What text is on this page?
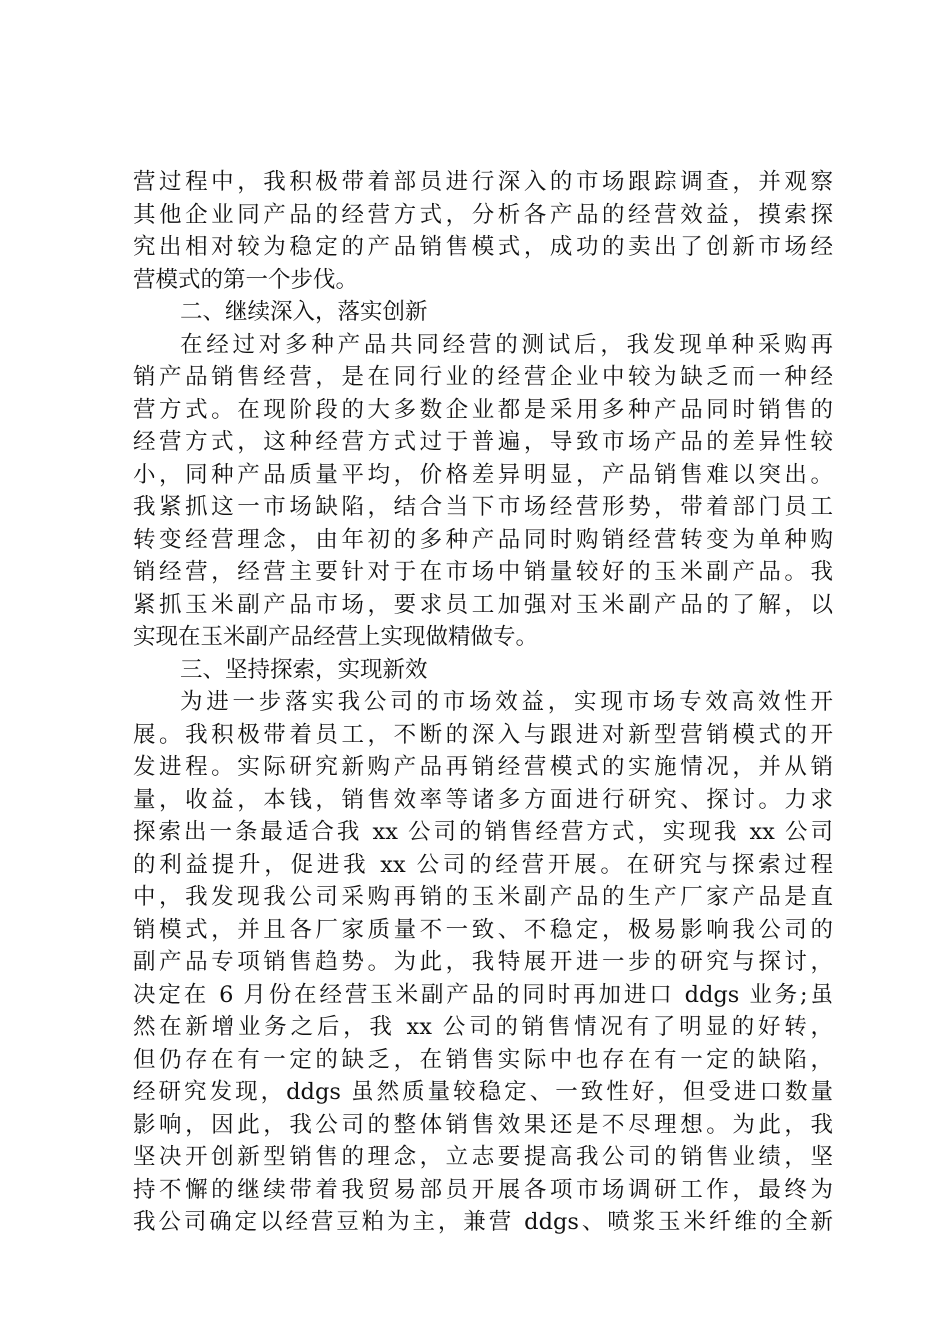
营过程中，我积极带着部员进行深入的市场跟踪调查，并观察
其他企业同产品的经营方式，分析各产品的经营效益，摸索探
究出相对较为稳定的产品销售模式，成功的卖出了创新市场经
营模式的第一个步伐。
二、继续深入，落实创新
在经过对多种产品共同经营的测试后，我发现单种采购再
销产品销售经营，是在同行业的经营企业中较为缺乏而一种经
营方式。在现阶段的大多数企业都是采用多种产品同时销售的
经营方式，这种经营方式过于普遍，导致市场产品的差异性较
小，同种产品质量平均，价格差异明显，产品销售难以突出。
我紧抓这一市场缺陷，结合当下市场经营形势，带着部门员工
转变经营理念，由年初的多种产品同时购销经营转变为单种购
销经营，经营主要针对于在市场中销量较好的玉米副产品。我
紧抓玉米副产品市场，要求员工加强对玉米副产品的了解，以
实现在玉米副产品经营上实现做精做专。
三、坚持探索，实现新效
为进一步落实我公司的市场效益，实现市场专效高效性开
展。我积极带着员工，不断的深入与跟进对新型营销模式的开
发进程。实际研究新购产品再销经营模式的实施情况，并从销
量，收益，本钱，销售效率等诸多方面进行研究、探讨。力求
探索出一条最适合我 xx 公司的销售经营方式，实现我 xx 公司
的利益提升，促进我 xx 公司的经营开展。在研究与探索过程
中，我发现我公司采购再销的玉米副产品的生产厂家产品是直
销模式，并且各厂家质量不一致、不稳定，极易影响我公司的
副产品专项销售趋势。为此，我特展开进一步的研究与探讨，
决定在 6 月份在经营玉米副产品的同时再加进口 ddgs 业务;虽
然在新增业务之后，我 xx 公司的销售情况有了明显的好转，
但仍存在有一定的缺乏，在销售实际中也存在有一定的缺陷，
经研究发现，ddgs 虽然质量较稳定、一致性好，但受进口数量
影响，因此，我公司的整体销售效果还是不尽理想。为此，我
坚决开创新型销售的理念，立志要提高我公司的销售业绩，坚
持不懈的继续带着我贸易部员开展各项市场调研工作，最终为
我公司确定以经营豆粕为主，兼营 ddgs、喷浆玉米纤维的全新
